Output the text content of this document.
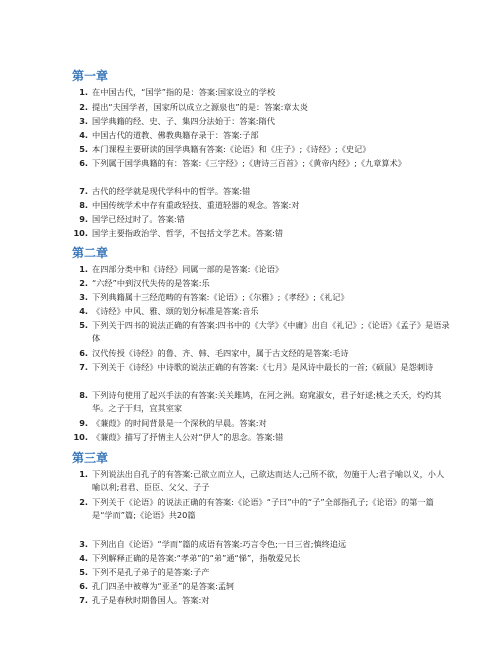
第一章
1. 在中国古代，“国学”指的是：答案:国家设立的学校
2. 提出“夫国学者，国家所以成立之源泉也”的是：答案:章太炎
3. 国学典籍的经、史、子、集四分法始于：答案:隋代
4. 中国古代的道教、佛教典籍存录于：答案:子部
5. 本门课程主要研读的国学典籍有答案:《论语》和《庄子》;《诗经》;《史记》
6. 下列属于国学典籍的有：答案:《三字经》;《唐诗三百首》;《黄帝内经》;《九章算术》
7. 古代的经学就是现代学科中的哲学。答案:错
8. 中国传统学术中存有重政轻技、重道轻器的观念。答案:对
9. 国学已经过时了。答案:错
10. 国学主要指政治学、哲学，不包括文学艺术。答案:错
第二章
1. 在四部分类中和《诗经》同属一部的是答案:《论语》
2. “六经”中到汉代失传的是答案:乐
3. 下列典籍属十三经范畴的有答案:《论语》;《尔雅》;《孝经》;《礼记》
4. 《诗经》中风、雅、颂的划分标准是答案:音乐
5. 下列关于四书的说法正确的有答案:四书中的《大学》《中庸》出自《礼记》;《论语》《孟子》是语录体
6. 汉代传授《诗经》的鲁、齐、韩、毛四家中，属于古文经的是答案:毛诗
7. 下列关于《诗经》中诗歌的说法正确的有答案:《七月》是风诗中最长的一首;《硕鼠》是怨刺诗
8. 下列诗句使用了起兴手法的有答案:关关雎鸠，在河之洲。窈窕淑女，君子好逑;桃之夭夭，灼灼其华。之子于归，宜其室家
9. 《蒹葭》的时间背景是一个深秋的早晨。答案:对
10. 《蒹葭》描写了抒情主人公对“伊人”的思念。答案:错
第三章
1. 下列说法出自孔子的有答案:己欲立而立人，己欲达而达人;己所不欲，勿施于人;君子喻以义，小人喻以利;君君、臣臣、父父、子子
2. 下列关于《论语》的说法正确的有答案:《论语》“子曰”中的“子”全部指孔子;《论语》的第一篇是“学而”篇;《论语》共20篇
3. 下列出自《论语》“学而”篇的成语有答案:巧言令色;一日三省;慎终追远
4. 下列解释正确的是答案:“孝弟”的“弟”通“悌”，指敬爱兄长
5. 下列不是孔子弟子的是答案:子产
6. 孔门四圣中被尊为“亚圣”的是答案:孟轲
7. 孔子是春秋时期鲁国人。答案:对
